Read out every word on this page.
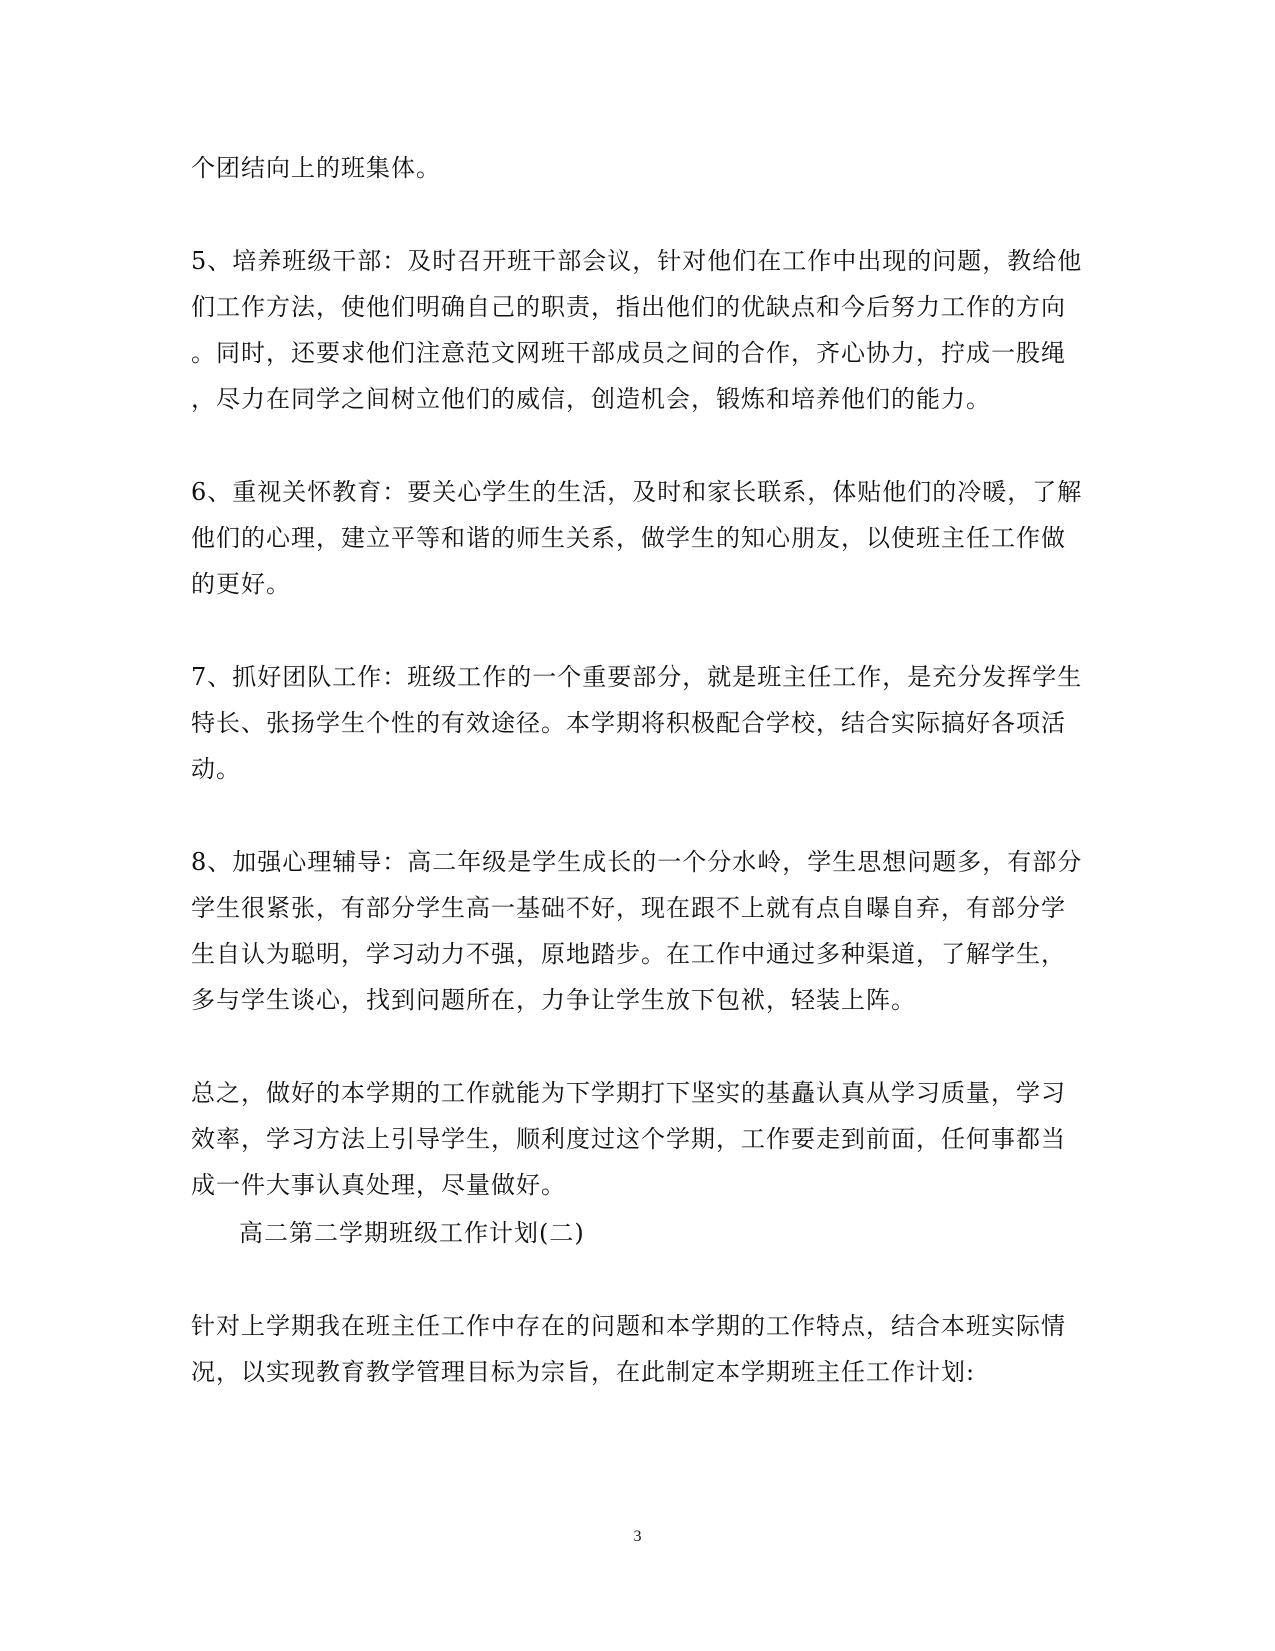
个团结向上的班集体。
5、培养班级干部：及时召开班干部会议，针对他们在工作中出现的问题，教给他
们工作方法，使他们明确自己的职责，指出他们的优缺点和今后努力工作的方向
。同时，还要求他们注意范文网班干部成员之间的合作，齐心协力，拧成一股绳
，尽力在同学之间树立他们的威信，创造机会，锻炼和培养他们的能力。
6、重视关怀教育：要关心学生的生活，及时和家长联系，体贴他们的冷暖，了解
他们的心理，建立平等和谐的师生关系，做学生的知心朋友，以使班主任工作做
的更好。
7、抓好团队工作：班级工作的一个重要部分，就是班主任工作，是充分发挥学生
特长、张扬学生个性的有效途径。本学期将积极配合学校，结合实际搞好各项活
动。
8、加强心理辅导：高二年级是学生成长的一个分水岭，学生思想问题多，有部分
学生很紧张，有部分学生高一基础不好，现在跟不上就有点自曝自弃，有部分学
生自认为聪明，学习动力不强，原地踏步。在工作中通过多种渠道，了解学生，
多与学生谈心，找到问题所在，力争让学生放下包袱，轻装上阵。
总之，做好的本学期的工作就能为下学期打下坚实的基矗认真从学习质量，学习
效率，学习方法上引导学生，顺利度过这个学期，工作要走到前面，任何事都当
成一件大事认真处理，尽量做好。
高二第二学期班级工作计划(二)
针对上学期我在班主任工作中存在的问题和本学期的工作特点，结合本班实际情
况，以实现教育教学管理目标为宗旨，在此制定本学期班主任工作计划:
3
